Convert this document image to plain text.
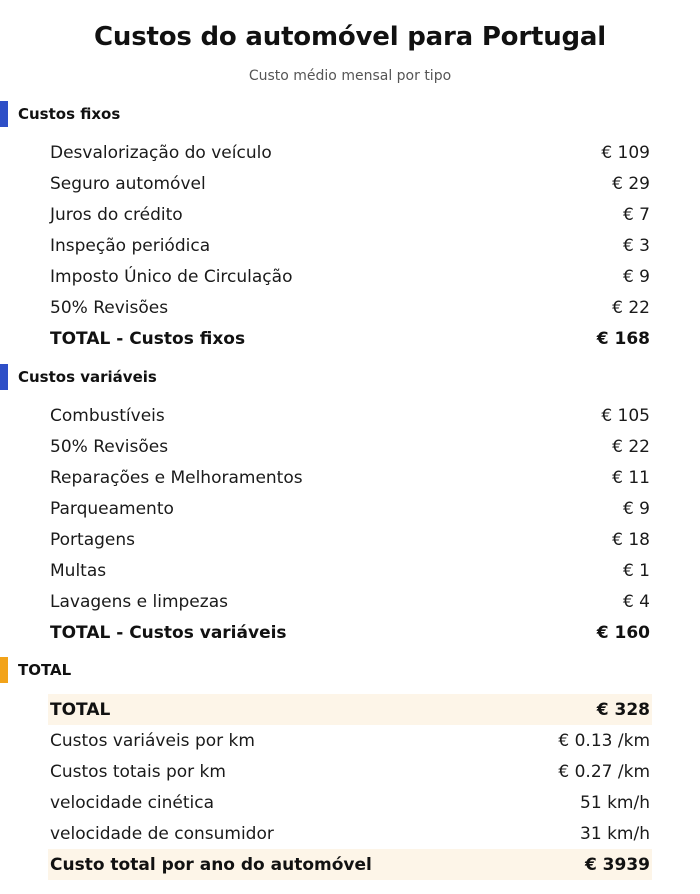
Custos do automóvel para Portugal
Custo médio mensal por tipo
Custos fixos
Desvalorização do veículo	€ 109
Seguro automóvel	€ 29
Juros do crédito	€ 7
Inspeção periódica	€ 3
Imposto Único de Circulação	€ 9
50% Revisões	€ 22
TOTAL - Custos fixos	€ 168
Custos variáveis
Combustíveis	€ 105
50% Revisões	€ 22
Reparações e Melhoramentos	€ 11
Parqueamento	€ 9
Portagens	€ 18
Multas	€ 1
Lavagens e limpezas	€ 4
TOTAL - Custos variáveis	€ 160
TOTAL
TOTAL	€ 328
Custos variáveis por km	€ 0.13 /km
Custos totais por km	€ 0.27 /km
velocidade cinética	51 km/h
velocidade de consumidor	31 km/h
Custo total por ano do automóvel	€ 3939
